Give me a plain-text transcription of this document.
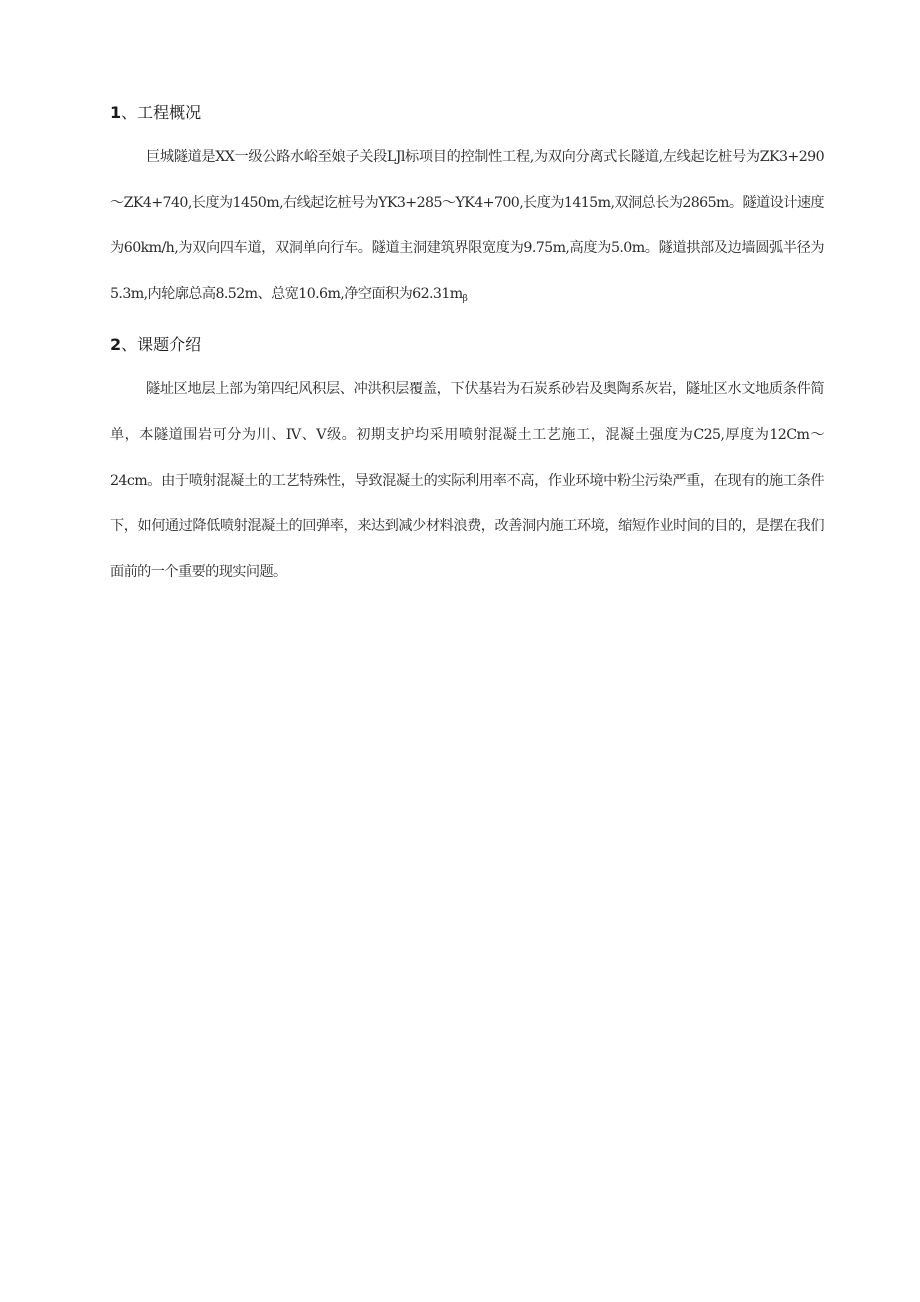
1、工程概况

巨城隧道是XX一级公路水峪至娘子关段LJl标项目的控制性工程,为双向分离式长隧道,左线起讫桩号为ZK3+290～ZK4+740,长度为1450m,右线起讫桩号为YK3+285～YK4+700,长度为1415m,双洞总长为2865m。隧道设计速度为60km/h,为双向四车道，双洞单向行车。隧道主洞建筑界限宽度为9.75m,高度为5.0m。隧道拱部及边墙圆弧半径为5.3m,内轮廓总高8.52m、总宽10.6m,净空面积为$62.31m_\beta$

2、课题介绍

隧址区地层上部为第四纪风积层、冲洪积层覆盖，下伏基岩为石炭系砂岩及奥陶系灰岩，隧址区水文地质条件简单，本隧道围岩可分为川、IV、V级。初期支护均采用喷射混凝土工艺施工，混凝土强度为C25,厚度为12Cm～24cm。由于喷射混凝土的工艺特殊性，导致混凝土的实际利用率不高，作业环境中粉尘污染严重，在现有的施工条件下，如何通过降低喷射混凝土的回弹率，来达到减少材料浪费，改善洞内施工环境，缩短作业时间的目的，是摆在我们面前的一个重要的现实问题。
